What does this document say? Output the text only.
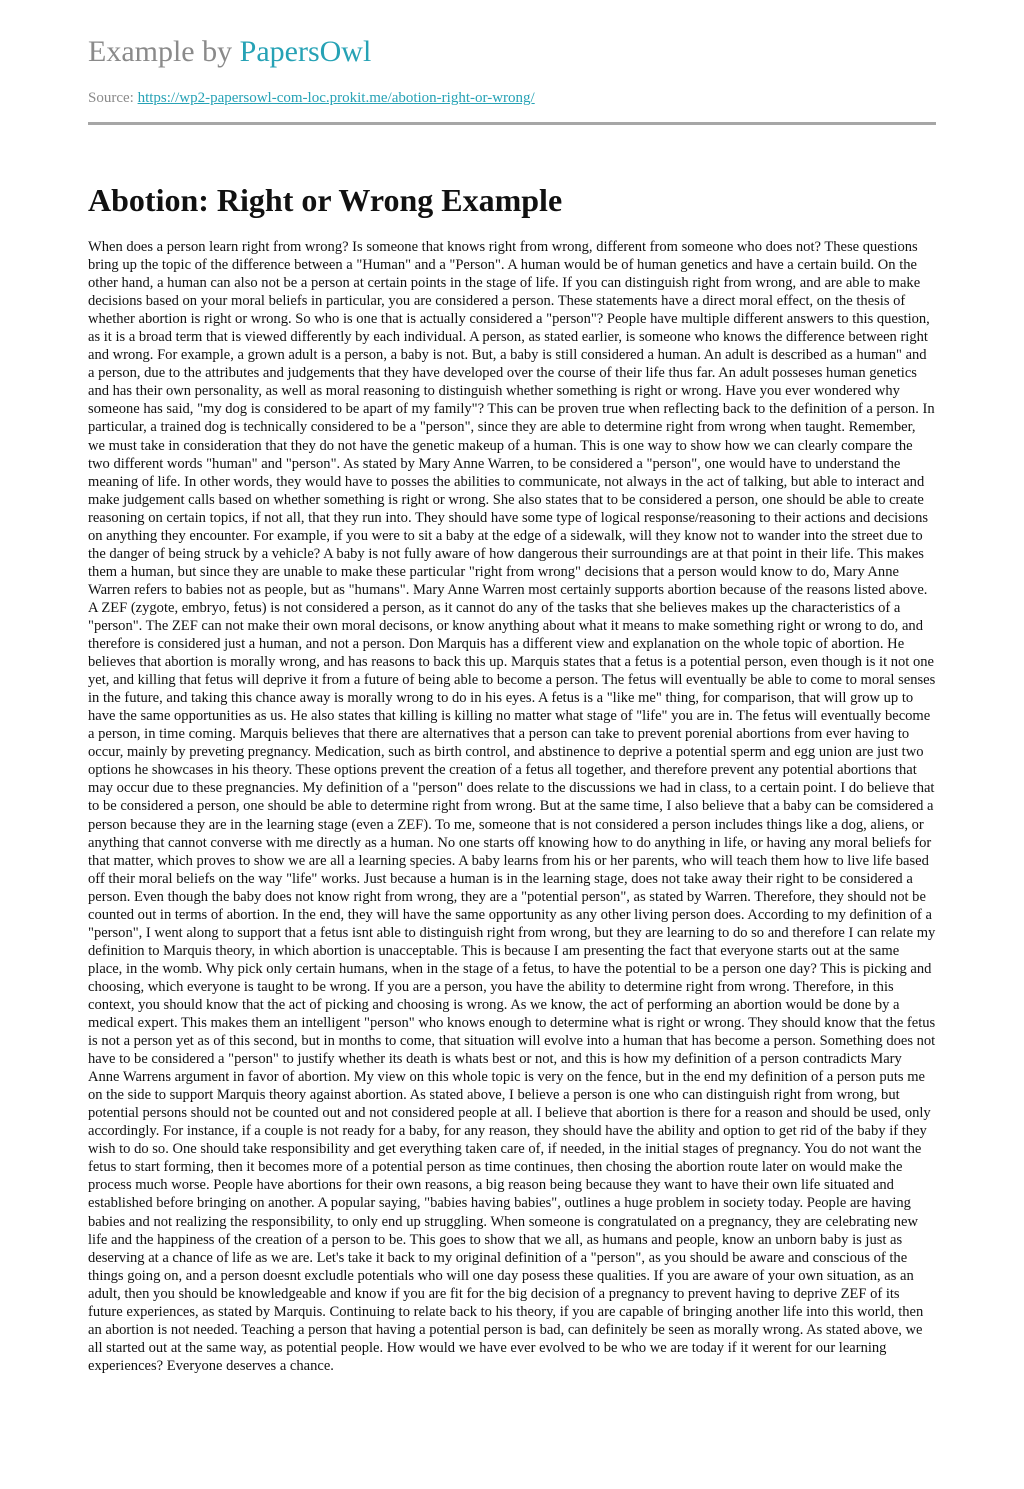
Example by PapersOwl
Source: https://wp2-papersowl-com-loc.prokit.me/abotion-right-or-wrong/
Abotion: Right or Wrong Example

When does a person learn right from wrong? Is someone that knows right from wrong, different from someone who does not? These questions bring up the topic of the difference between a "Human" and a "Person". A human would be of human genetics and have a certain build. On the other hand, a human can also not be a person at certain points in the stage of life. If you can distinguish right from wrong, and are able to make decisions based on your moral beliefs in particular, you are considered a person. These statements have a direct moral effect, on the thesis of whether abortion is right or wrong. So who is one that is actually considered a "person"? People have multiple different answers to this question, as it is a broad term that is viewed differently by each individual. A person, as stated earlier, is someone who knows the difference between right and wrong. For example, a grown adult is a person, a baby is not. But, a baby is still considered a human. An adult is described as a human" and a person, due to the attributes and judgements that they have developed over the course of their life thus far. An adult posseses human genetics and has their own personality, as well as moral reasoning to distinguish whether something is right or wrong. Have you ever wondered why someone has said, "my dog is considered to be apart of my family"? This can be proven true when reflecting back to the definition of a person. In particular, a trained dog is technically considered to be a "person", since they are able to determine right from wrong when taught. Remember, we must take in consideration that they do not have the genetic makeup of a human. This is one way to show how we can clearly compare the two different words "human" and "person". As stated by Mary Anne Warren, to be considered a "person", one would have to understand the meaning of life. In other words, they would have to posses the abilities to communicate, not always in the act of talking, but able to interact and make judgement calls based on whether something is right or wrong. She also states that to be considered a person, one should be able to create reasoning on certain topics, if not all, that they run into. They should have some type of logical response/reasoning to their actions and decisions on anything they encounter. For example, if you were to sit a baby at the edge of a sidewalk, will they know not to wander into the street due to the danger of being struck by a vehicle? A baby is not fully aware of how dangerous their surroundings are at that point in their life. This makes them a human, but since they are unable to make these particular "right from wrong" decisions that a person would know to do, Mary Anne Warren refers to babies not as people, but as "humans". Mary Anne Warren most certainly supports abortion because of the reasons listed above. A ZEF (zygote, embryo, fetus) is not considered a person, as it cannot do any of the tasks that she believes makes up the characteristics of a "person". The ZEF can not make their own moral decisons, or know anything about what it means to make something right or wrong to do, and therefore is considered just a human, and not a person. Don Marquis has a different view and explanation on the whole topic of abortion. He believes that abortion is morally wrong, and has reasons to back this up. Marquis states that a fetus is a potential person, even though is it not one yet, and killing that fetus will deprive it from a future of being able to become a person. The fetus will eventually be able to come to moral senses in the future, and taking this chance away is morally wrong to do in his eyes. A fetus is a "like me" thing, for comparison, that will grow up to have the same opportunities as us. He also states that killing is killing no matter what stage of "life" you are in. The fetus will eventually become a person, in time coming. Marquis believes that there are alternatives that a person can take to prevent porenial abortions from ever having to occur, mainly by preveting pregnancy. Medication, such as birth control, and abstinence to deprive a potential sperm and egg union are just two options he showcases in his theory. These options prevent the creation of a fetus all together, and therefore prevent any potential abortions that may occur due to these pregnancies. My definition of a "person" does relate to the discussions we had in class, to a certain point. I do believe that to be considered a person, one should be able to determine right from wrong. But at the same time, I also believe that a baby can be comsidered a person because they are in the learning stage (even a ZEF). To me, someone that is not considered a person includes things like a dog, aliens, or anything that cannot converse with me directly as a human. No one starts off knowing how to do anything in life, or having any moral beliefs for that matter, which proves to show we are all a learning species. A baby learns from his or her parents, who will teach them how to live life based off their moral beliefs on the way "life" works. Just because a human is in the learning stage, does not take away their right to be considered a person. Even though the baby does not know right from wrong, they are a "potential person", as stated by Warren. Therefore, they should not be counted out in terms of abortion. In the end, they will have the same opportunity as any other living person does. According to my definition of a "person", I went along to support that a fetus isnt able to distinguish right from wrong, but they are learning to do so and therefore I can relate my definition to Marquis theory, in which abortion is unacceptable. This is because I am presenting the fact that everyone starts out at the same place, in the womb. Why pick only certain humans, when in the stage of a fetus, to have the potential to be a person one day? This is picking and choosing, which everyone is taught to be wrong. If you are a person, you have the ability to determine right from wrong. Therefore, in this context, you should know that the act of picking and choosing is wrong. As we know, the act of performing an abortion would be done by a medical expert. This makes them an intelligent "person" who knows enough to determine what is right or wrong. They should know that the fetus is not a person yet as of this second, but in months to come, that situation will evolve into a human that has become a person. Something does not have to be considered a "person" to justify whether its death is whats best or not, and this is how my definition of a person contradicts Mary Anne Warrens argument in favor of abortion. My view on this whole topic is very on the fence, but in the end my definition of a person puts me on the side to support Marquis theory against abortion. As stated above, I believe a person is one who can distinguish right from wrong, but potential persons should not be counted out and not considered people at all. I believe that abortion is there for a reason and should be used, only accordingly. For instance, if a couple is not ready for a baby, for any reason, they should have the ability and option to get rid of the baby if they wish to do so. One should take responsibility and get everything taken care of, if needed, in the initial stages of pregnancy. You do not want the fetus to start forming, then it becomes more of a potential person as time continues, then chosing the abortion route later on would make the process much worse. People have abortions for their own reasons, a big reason being because they want to have their own life situated and established before bringing on another. A popular saying, "babies having babies", outlines a huge problem in society today. People are having babies and not realizing the responsibility, to only end up struggling. When someone is congratulated on a pregnancy, they are celebrating new life and the happiness of the creation of a person to be. This goes to show that we all, as humans and people, know an unborn baby is just as deserving at a chance of life as we are. Let's take it back to my original definition of a "person", as you should be aware and conscious of the things going on, and a person doesnt excludle potentials who will one day posess these qualities. If you are aware of your own situation, as an adult, then you should be knowledgeable and know if you are fit for the big decision of a pregnancy to prevent having to deprive ZEF of its future experiences, as stated by Marquis. Continuing to relate back to his theory, if you are capable of bringing another life into this world, then an abortion is not needed. Teaching a person that having a potential person is bad, can definitely be seen as morally wrong. As stated above, we all started out at the same way, as potential people. How would we have ever evolved to be who we are today if it werent for our learning experiences? Everyone deserves a chance.
